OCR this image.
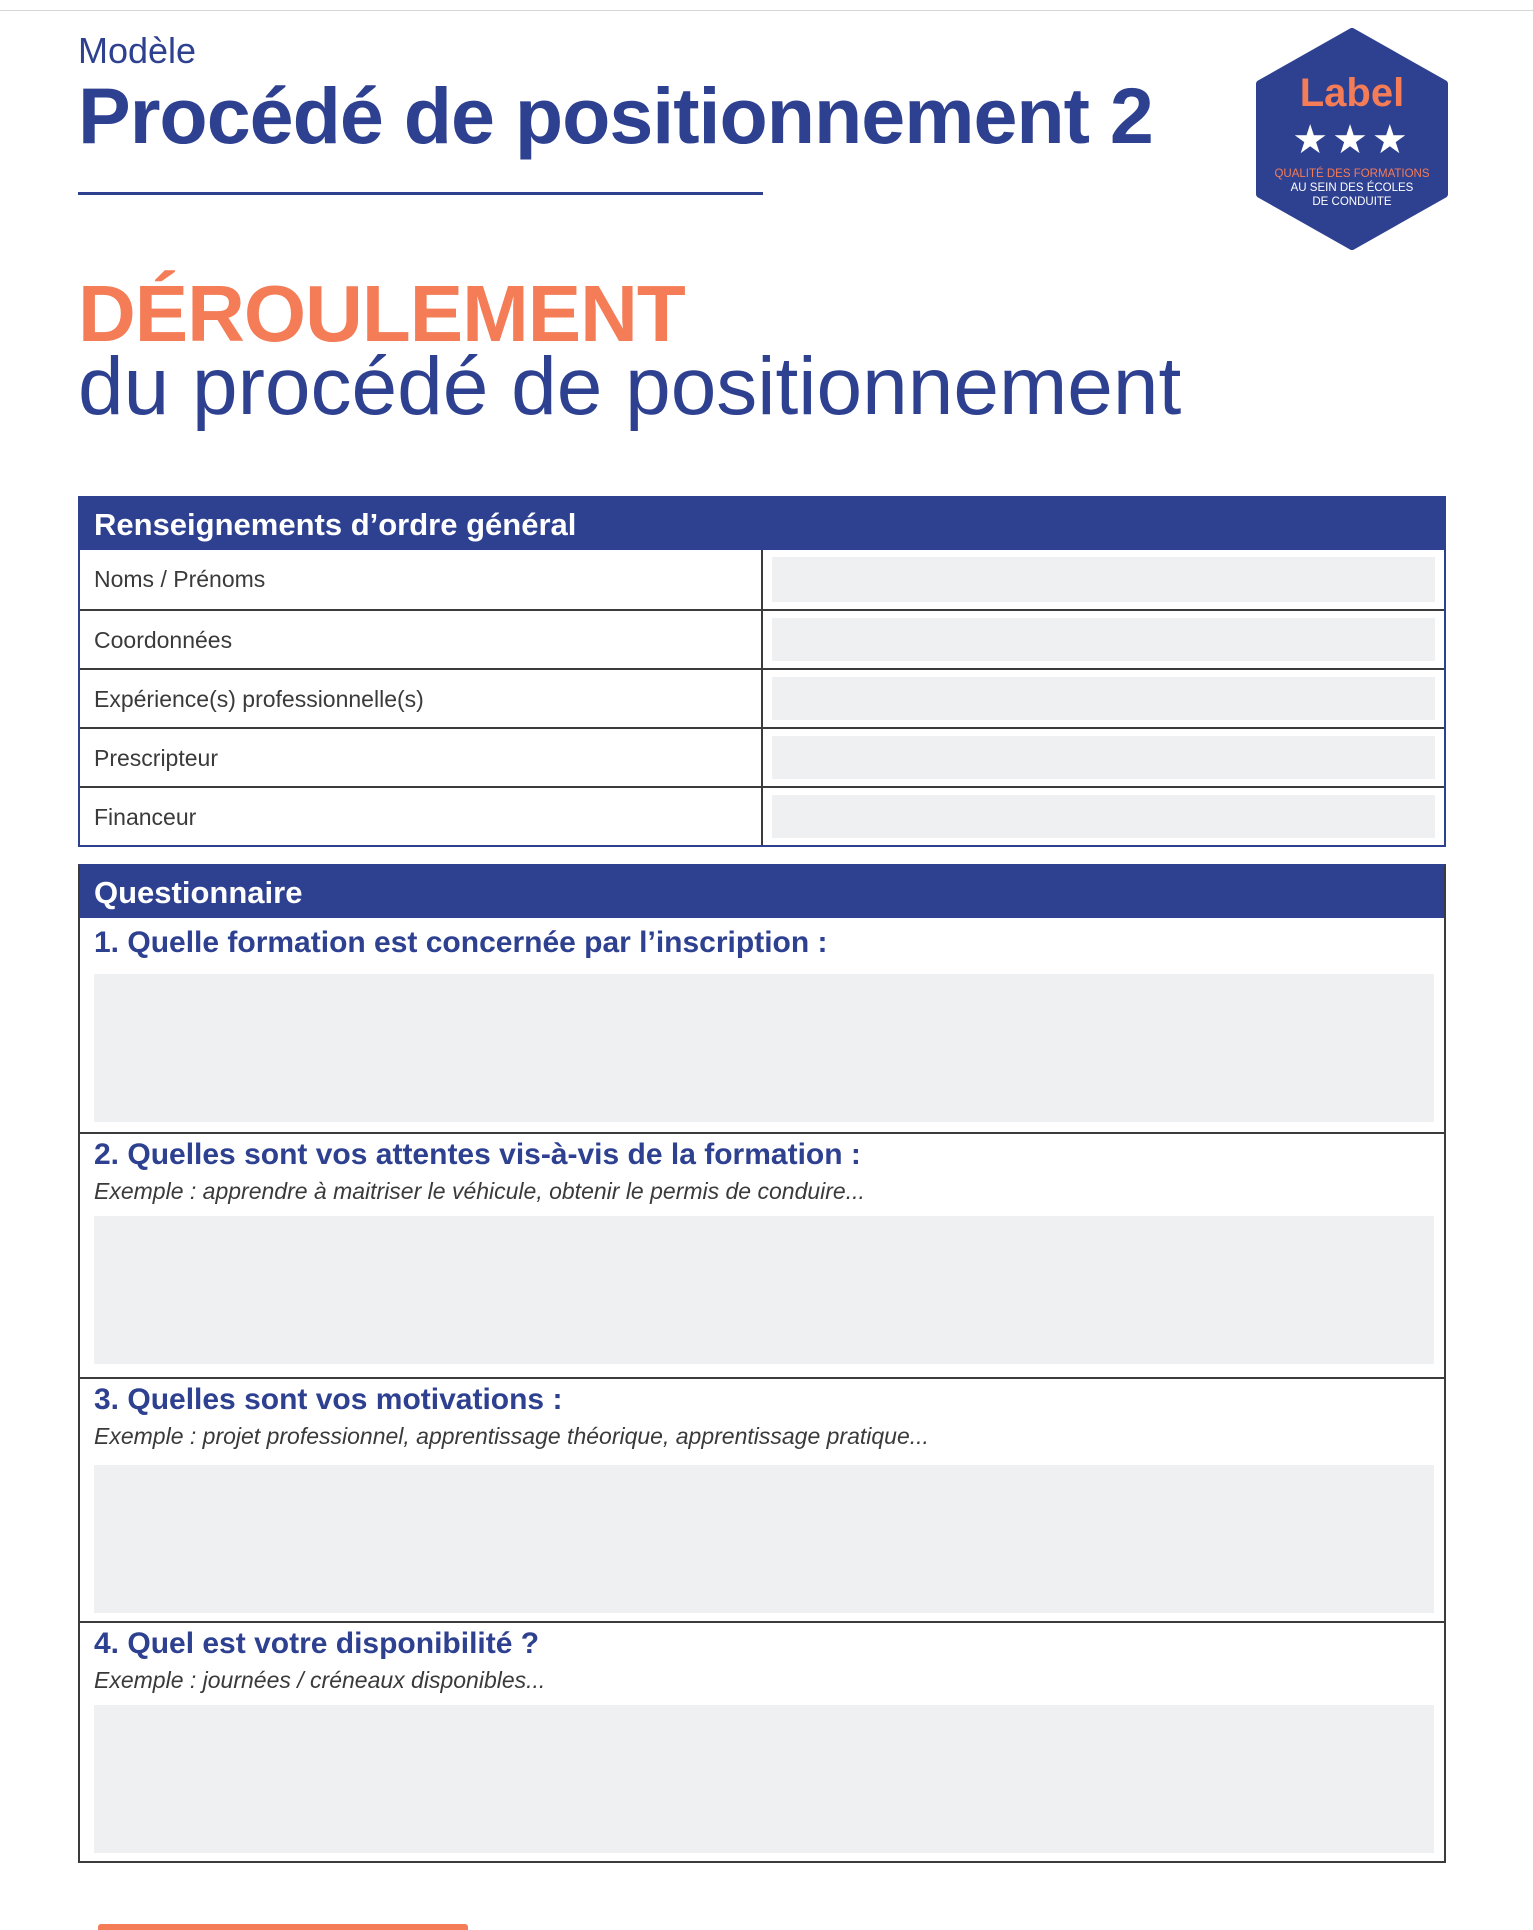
Modèle
Procédé de positionnement 2	Label
★★★
QUALITÉ DES FORMATIONS
AU SEIN DES ÉCOLES
DE CONDUITE
DÉROULEMENT
du procédé de positionnement
Renseignements d’ordre général
Noms / Prénoms
Coordonnées
Expérience(s) professionnelle(s)
Prescripteur
Financeur
Questionnaire
1. Quelle formation est concernée par l’inscription :
2. Quelles sont vos attentes vis-à-vis de la formation :
Exemple : apprendre à maitriser le véhicule, obtenir le permis de conduire...
3. Quelles sont vos motivations :
Exemple : projet professionnel, apprentissage théorique, apprentissage pratique...
4. Quel est votre disponibilité ?
Exemple : journées / créneaux disponibles...
